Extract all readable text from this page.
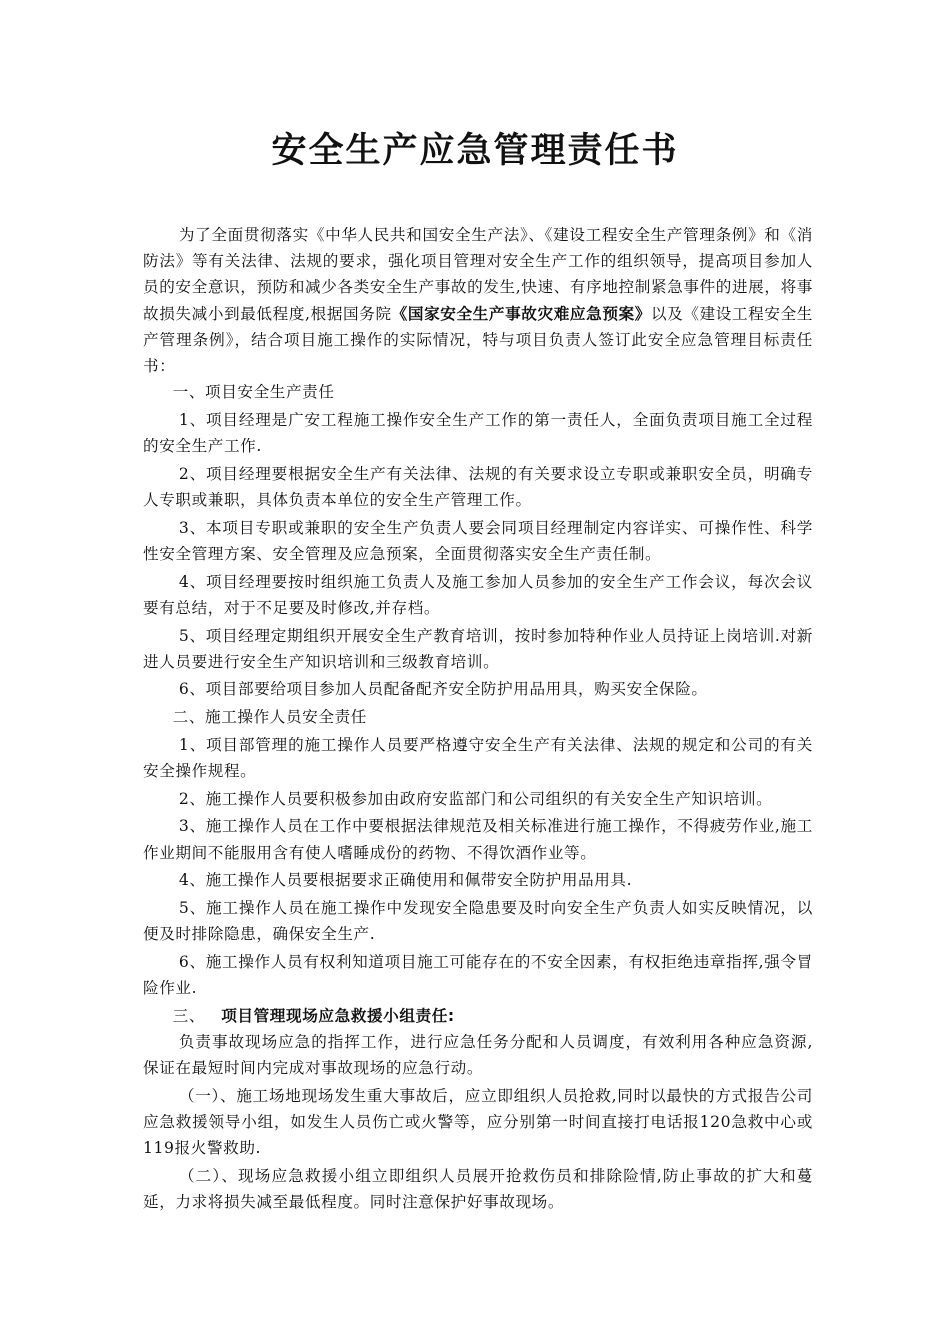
安全生产应急管理责任书

为了全面贯彻落实《中华人民共和国安全生产法》、《建设工程安全生产管理条例》和《消防法》等有关法律、法规的要求，强化项目管理对安全生产工作的组织领导，提高项目参加人员的安全意识，预防和减少各类安全生产事故的发生,快速、有序地控制紧急事件的进展，将事故损失减小到最低程度,根据国务院《国家安全生产事故灾难应急预案》以及《建设工程安全生产管理条例》，结合项目施工操作的实际情况，特与项目负责人签订此安全应急管理目标责任书：

一、项目安全生产责任

1、项目经理是广安工程施工操作安全生产工作的第一责任人，全面负责项目施工全过程的安全生产工作.

2、项目经理要根据安全生产有关法律、法规的有关要求设立专职或兼职安全员，明确专人专职或兼职，具体负责本单位的安全生产管理工作。

3、本项目专职或兼职的安全生产负责人要会同项目经理制定内容详实、可操作性、科学性安全管理方案、安全管理及应急预案，全面贯彻落实安全生产责任制。

4、项目经理要按时组织施工负责人及施工参加人员参加的安全生产工作会议，每次会议要有总结，对于不足要及时修改,并存档。

5、项目经理定期组织开展安全生产教育培训，按时参加特种作业人员持证上岗培训.对新进人员要进行安全生产知识培训和三级教育培训。

6、项目部要给项目参加人员配备配齐安全防护用品用具，购买安全保险。

二、施工操作人员安全责任

1、项目部管理的施工操作人员要严格遵守安全生产有关法律、法规的规定和公司的有关安全操作规程。

2、施工操作人员要积极参加由政府安监部门和公司组织的有关安全生产知识培训。

3、施工操作人员在工作中要根据法律规范及相关标准进行施工操作，不得疲劳作业,施工作业期间不能服用含有使人嗜睡成份的药物、不得饮酒作业等。

4、施工操作人员要根据要求正确使用和佩带安全防护用品用具.

5、施工操作人员在施工操作中发现安全隐患要及时向安全生产负责人如实反映情况，以便及时排除隐患，确保安全生产.

6、施工操作人员有权利知道项目施工可能存在的不安全因素，有权拒绝违章指挥,强令冒险作业.

三、  项目管理现场应急救援小组责任:

负责事故现场应急的指挥工作，进行应急任务分配和人员调度，有效利用各种应急资源,保证在最短时间内完成对事故现场的应急行动。

（一）、施工场地现场发生重大事故后，应立即组织人员抢救,同时以最快的方式报告公司应急救援领导小组，如发生人员伤亡或火警等，应分别第一时间直接打电话报120急救中心或119报火警救助.

（二）、现场应急救援小组立即组织人员展开抢救伤员和排除险情,防止事故的扩大和蔓延，力求将损失减至最低程度。同时注意保护好事故现场。
